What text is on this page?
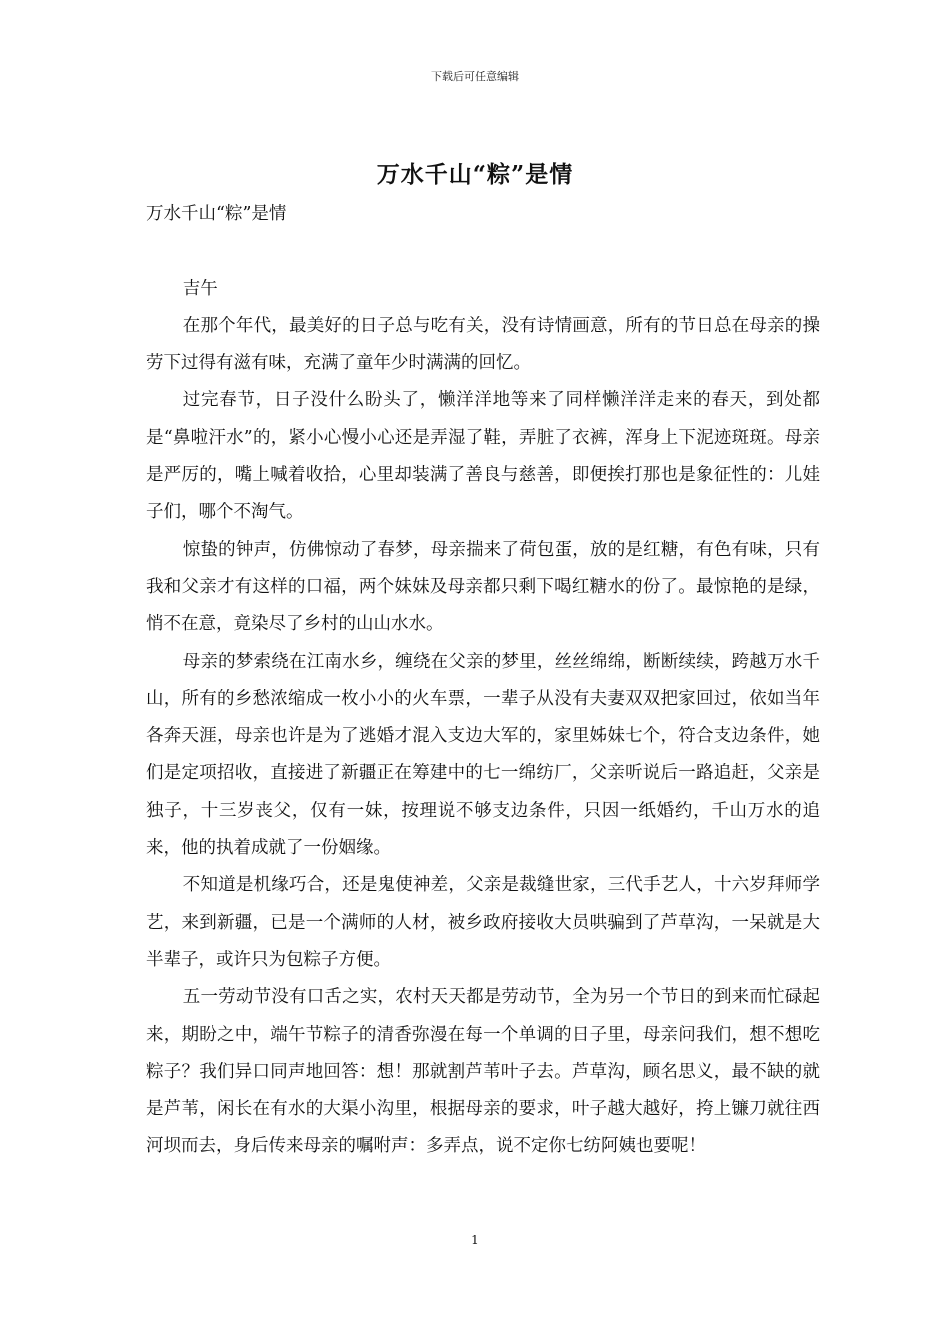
下载后可任意编辑
万水千山“粽”是情

万水千山“粽”是情

吉午

在那个年代，最美好的日子总与吃有关，没有诗情画意，所有的节日总在母亲的操劳下过得有滋有味，充满了童年少时满满的回忆。

过完春节，日子没什么盼头了，懒洋洋地等来了同样懒洋洋走来的春天，到处都是“鼻啦汗水”的，紧小心慢小心还是弄湿了鞋，弄脏了衣裤，浑身上下泥迹斑斑。母亲是严厉的，嘴上喊着收拾，心里却装满了善良与慈善，即便挨打那也是象征性的：儿娃子们，哪个不淘气。

惊蛰的钟声，仿佛惊动了春梦，母亲揣来了荷包蛋，放的是红糖，有色有味，只有我和父亲才有这样的口福，两个妹妹及母亲都只剩下喝红糖水的份了。最惊艳的是绿，悄不在意，竟染尽了乡村的山山水水。

母亲的梦索绕在江南水乡，缠绕在父亲的梦里，丝丝绵绵，断断续续，跨越万水千山，所有的乡愁浓缩成一枚小小的火车票，一辈子从没有夫妻双双把家回过，依如当年各奔天涯，母亲也许是为了逃婚才混入支边大军的，家里姊妹七个，符合支边条件，她们是定项招收，直接进了新疆正在筹建中的七一绵纺厂，父亲听说后一路追赶，父亲是独子，十三岁丧父，仅有一妹，按理说不够支边条件，只因一纸婚约，千山万水的追来，他的执着成就了一份姻缘。

不知道是机缘巧合，还是鬼使神差，父亲是裁缝世家，三代手艺人，十六岁拜师学艺，来到新疆，已是一个满师的人材，被乡政府接收大员哄骗到了芦草沟，一呆就是大半辈子，或许只为包粽子方便。

五一劳动节没有口舌之实，农村天天都是劳动节，全为另一个节日的到来而忙碌起来，期盼之中，端午节粽子的清香弥漫在每一个单调的日子里，母亲问我们，想不想吃粽子？我们异口同声地回答：想！那就割芦苇叶子去。芦草沟，顾名思义，最不缺的就是芦苇，闲长在有水的大渠小沟里，根据母亲的要求，叶子越大越好，挎上镰刀就往西河坝而去，身后传来母亲的嘱咐声：多弄点，说不定你七纺阿姨也要呢！

1
